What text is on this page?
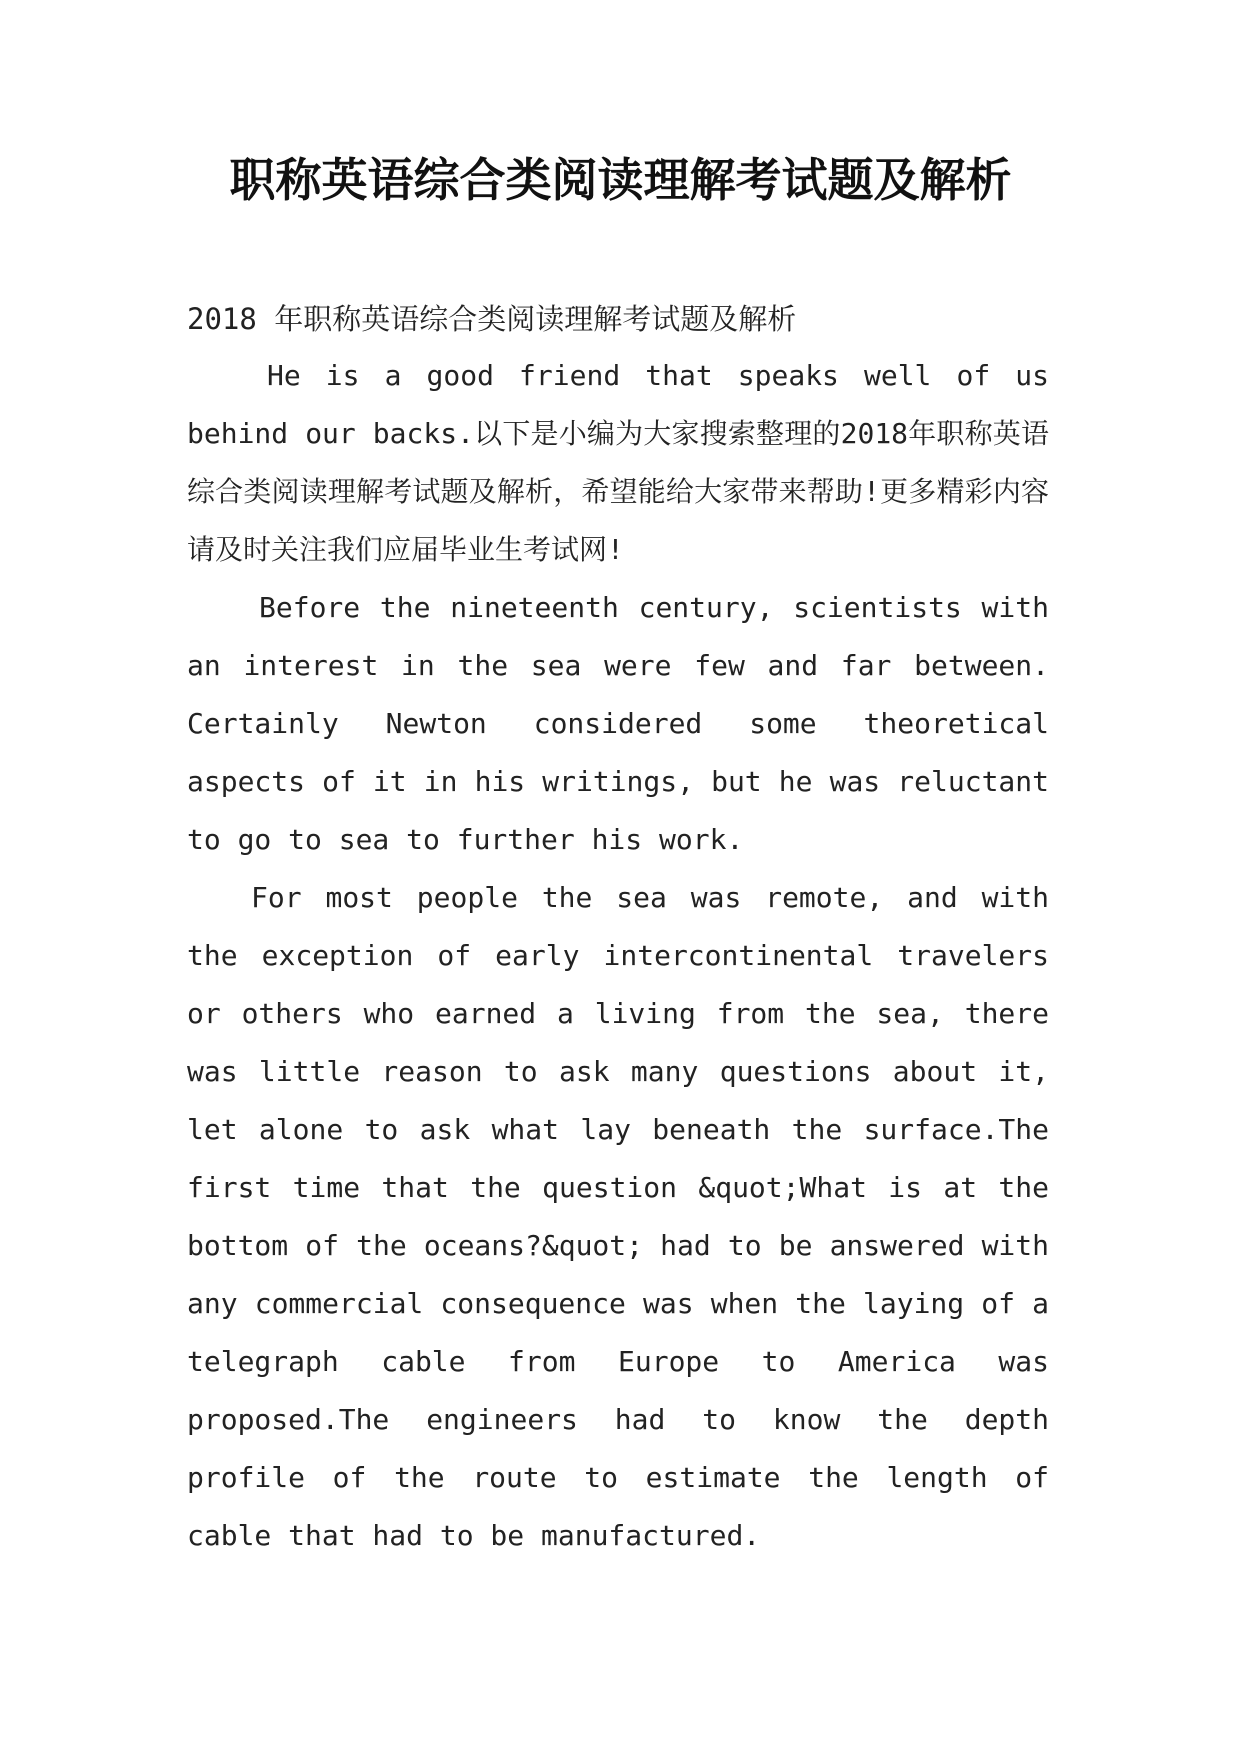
职称英语综合类阅读理解考试题及解析

2018 年职称英语综合类阅读理解考试题及解析

He is a good friend that speaks well of us behind our backs.以下是小编为大家搜索整理的2018年职称英语综合类阅读理解考试题及解析，希望能给大家带来帮助!更多精彩内容请及时关注我们应届毕业生考试网!

Before the nineteenth century, scientists with an interest in the sea were few and far between. Certainly Newton considered some theoretical aspects of it in his writings, but he was reluctant to go to sea to further his work.

For most people the sea was remote, and with the exception of early intercontinental travelers or others who earned a living from the sea, there was little reason to ask many questions about it, let alone to ask what lay beneath the surface.The first time that the question &quot;What is at the bottom of the oceans?&quot; had to be answered with any commercial consequence was when the laying of a telegraph cable from Europe to America was proposed.The engineers had to know the depth profile of the route to estimate the length of cable that had to be manufactured.
